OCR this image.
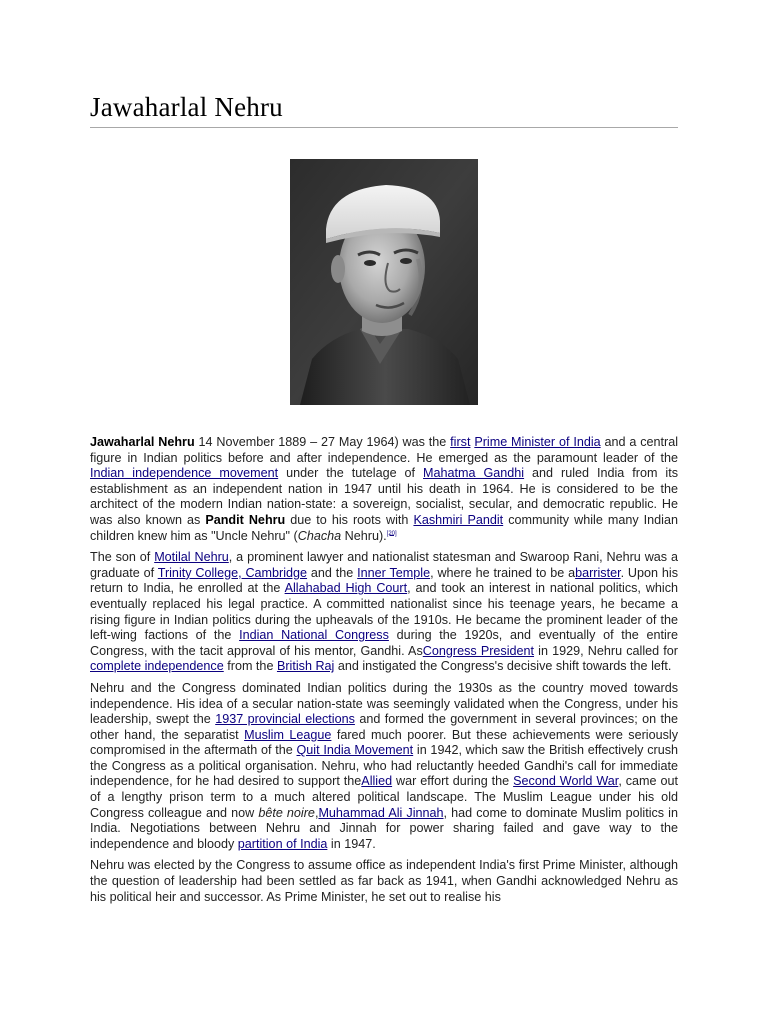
Jawaharlal Nehru

Jawaharlal Nehru 14 November 1889 – 27 May 1964) was the first Prime Minister of India and a central figure in Indian politics before and after independence. He emerged as the paramount leader of the Indian independence movement under the tutelage of Mahatma Gandhi and ruled India from its establishment as an independent nation in 1947 until his death in 1964. He is considered to be the architect of the modern Indian nation-state: a sovereign, socialist, secular, and democratic republic. He was also known as Pandit Nehru due to his roots with Kashmiri Pandit community while many Indian children knew him as "Uncle Nehru" (Chacha Nehru).[20]

The son of Motilal Nehru, a prominent lawyer and nationalist statesman and Swaroop Rani, Nehru was a graduate of Trinity College, Cambridge and the Inner Temple, where he trained to be abarrister. Upon his return to India, he enrolled at the Allahabad High Court, and took an interest in national politics, which eventually replaced his legal practice. A committed nationalist since his teenage years, he became a rising figure in Indian politics during the upheavals of the 1910s. He became the prominent leader of the left-wing factions of the Indian National Congress during the 1920s, and eventually of the entire Congress, with the tacit approval of his mentor, Gandhi. AsCongress President in 1929, Nehru called for complete independence from the British Raj and instigated the Congress's decisive shift towards the left.

Nehru and the Congress dominated Indian politics during the 1930s as the country moved towards independence. His idea of a secular nation-state was seemingly validated when the Congress, under his leadership, swept the 1937 provincial elections and formed the government in several provinces; on the other hand, the separatist Muslim League fared much poorer. But these achievements were seriously compromised in the aftermath of the Quit India Movement in 1942, which saw the British effectively crush the Congress as a political organisation. Nehru, who had reluctantly heeded Gandhi's call for immediate independence, for he had desired to support theAllied war effort during the Second World War, came out of a lengthy prison term to a much altered political landscape. The Muslim League under his old Congress colleague and now bête noire,Muhammad Ali Jinnah, had come to dominate Muslim politics in India. Negotiations between Nehru and Jinnah for power sharing failed and gave way to the independence and bloody partition of India in 1947.

Nehru was elected by the Congress to assume office as independent India's first Prime Minister, although the question of leadership had been settled as far back as 1941, when Gandhi acknowledged Nehru as his political heir and successor. As Prime Minister, he set out to realise his
